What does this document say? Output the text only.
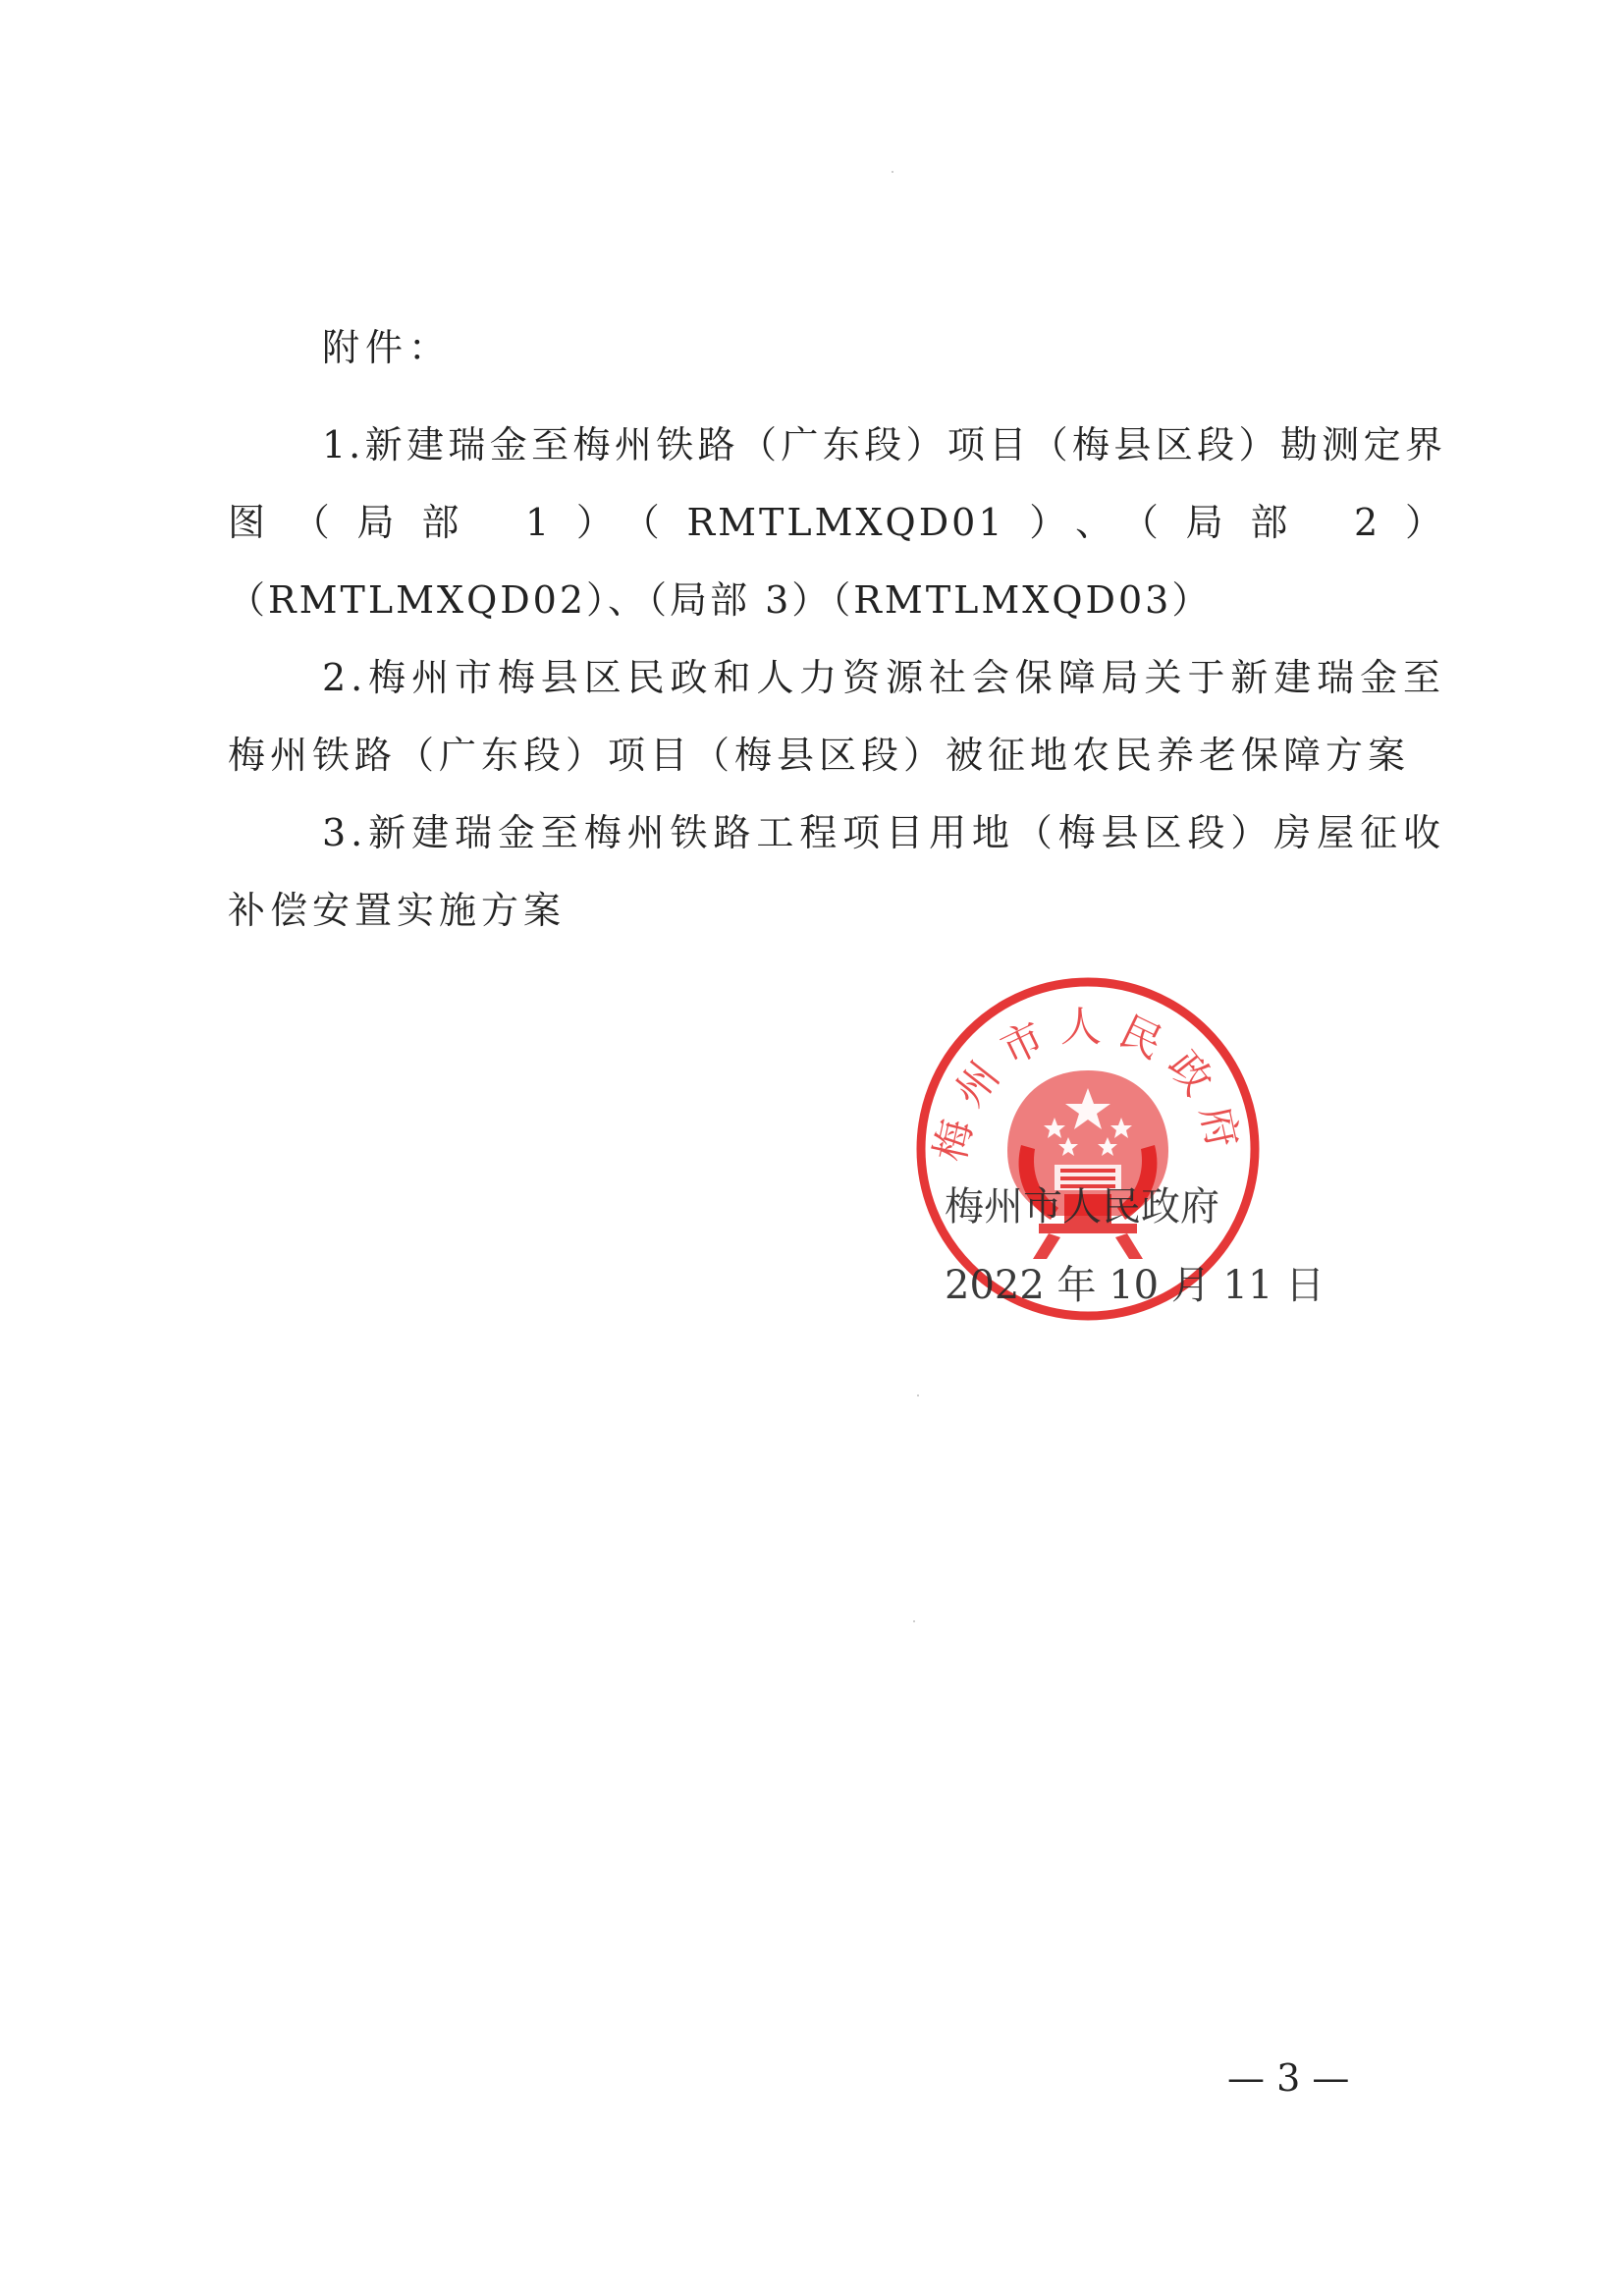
附件：
1.新建瑞金至梅州铁路（广东段）项目（梅县区段）勘测定界图（局部 1）（RMTLMXQD01）、（局部 2）（RMTLMXQD02）、（局部 3）（RMTLMXQD03）
2.梅州市梅县区民政和人力资源社会保障局关于新建瑞金至梅州铁路（广东段）项目（梅县区段）被征地农民养老保障方案
3.新建瑞金至梅州铁路工程项目用地（梅县区段）房屋征收补偿安置实施方案
梅州市人民政府
梅州市人民政府
2022 年 10 月 11 日
— 3 —
